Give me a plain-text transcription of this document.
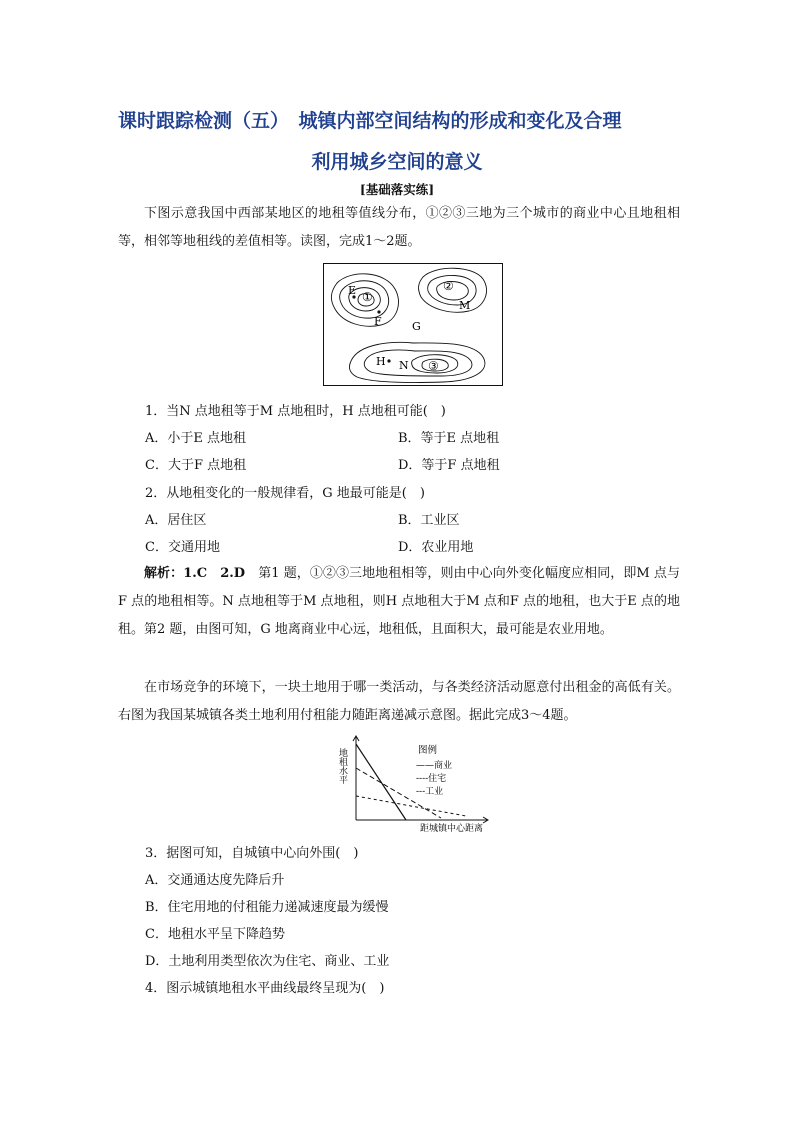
课时跟踪检测（五）　城镇内部空间结构的形成和变化及合理
利用城乡空间的意义
[基础落实练]
下图示意我国中西部某地区的地租等值线分布，①②③三地为三个城市的商业中心且地租相等，相邻等地租线的差值相等。读图，完成1～2题。
E ①
F
②
M
G
H N ③
1．当N 点地租等于M 点地租时，H 点地租可能(　)
A．小于E 点地租	B．等于E 点地租
C．大于F 点地租	D．等于F 点地租
2．从地租变化的一般规律看，G 地最可能是(　)
A．居住区	B．工业区
C．交通用地	D．农业用地
解析：1.C　2.D　第1 题，①②③三地地租相等，则由中心向外变化幅度应相同，即M 点与F 点的地租相等。N 点地租等于M 点地租，则H 点地租大于M 点和F 点的地租，也大于E 点的地租。第2 题，由图可知，G 地离商业中心远，地租低，且面积大，最可能是农业用地。
在市场竞争的环境下，一块土地用于哪一类活动，与各类经济活动愿意付出租金的高低有关。右图为我国某城镇各类土地利用付租能力随距离递减示意图。据此完成3～4题。
地租水平	图例
——商业
----住宅
---工业
距城镇中心距离
3．据图可知，自城镇中心向外围(　)
A．交通通达度先降后升
B．住宅用地的付租能力递减速度最为缓慢
C．地租水平呈下降趋势
D．土地利用类型依次为住宅、商业、工业
4．图示城镇地租水平曲线最终呈现为(　)
